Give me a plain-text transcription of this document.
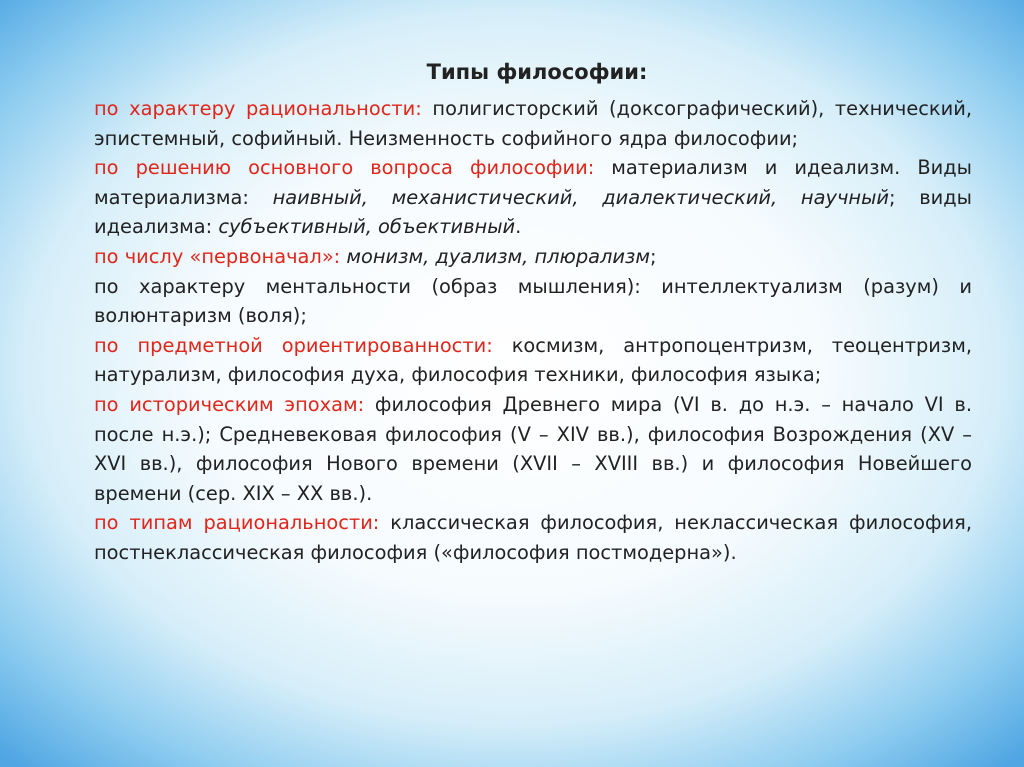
Типы философии:

по характеру рациональности: полигисторский (доксографический), технический, эпистемный, софийный. Неизменность софийного ядра философии;

по решению основного вопроса философии: материализм и идеализм. Виды материализма: наивный, механистический, диалектический, научный; виды идеализма: субъективный, объективный.

по числу «первоначал»: монизм, дуализм, плюрализм;

по характеру ментальности (образ мышления): интеллектуализм (разум) и волюнтаризм (воля);

по предметной ориентированности: космизм, антропоцентризм, теоцентризм, натурализм, философия духа, философия техники, философия языка;

по историческим эпохам: философия Древнего мира (VI в. до н.э. – начало VI в. после н.э.); Средневековая философия (V – XIV вв.), философия Возрождения (XV – XVI вв.), философия Нового времени (XVII – XVIII вв.) и философия Новейшего времени (сер. XIX – XX вв.).

по типам рациональности: классическая философия, неклассическая философия, постнеклассическая философия («философия постмодерна»).
